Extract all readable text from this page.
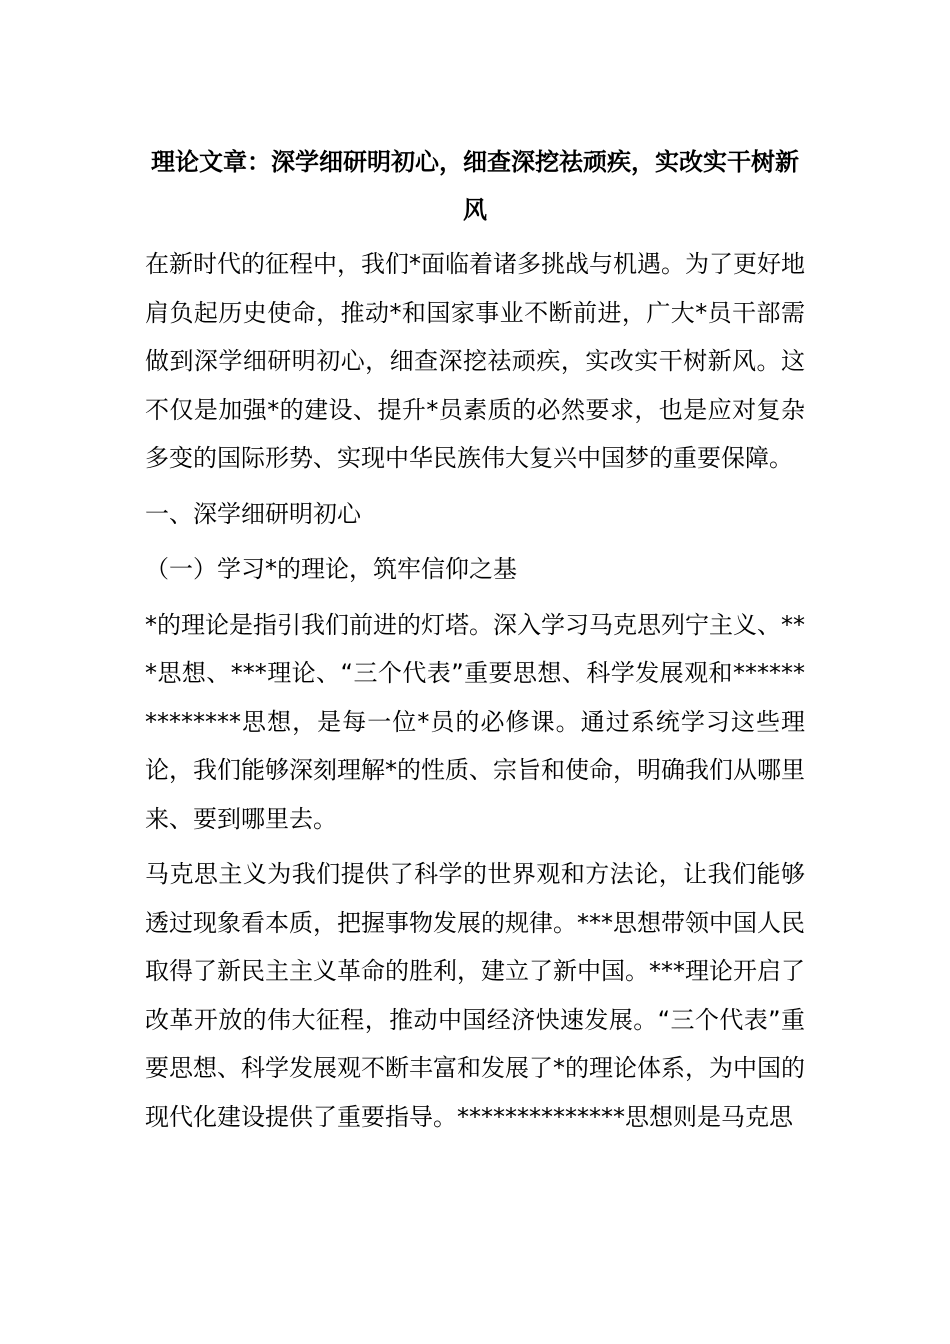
理论文章：深学细研明初心，细查深挖祛顽疾，实改实干树新风

在新时代的征程中，我们*面临着诸多挑战与机遇。为了更好地肩负起历史使命，推动*和国家事业不断前进，广大*员干部需做到深学细研明初心，细查深挖祛顽疾，实改实干树新风。这不仅是加强*的建设、提升*员素质的必然要求，也是应对复杂多变的国际形势、实现中华民族伟大复兴中国梦的重要保障。

一、深学细研明初心

（一）学习*的理论，筑牢信仰之基

*的理论是指引我们前进的灯塔。深入学习马克思列宁主义、***思想、***理论、“三个代表”重要思想、科学发展观和**************思想，是每一位*员的必修课。通过系统学习这些理论，我们能够深刻理解*的性质、宗旨和使命，明确我们从哪里来、要到哪里去。

马克思主义为我们提供了科学的世界观和方法论，让我们能够透过现象看本质，把握事物发展的规律。***思想带领中国人民取得了新民主主义革命的胜利，建立了新中国。***理论开启了改革开放的伟大征程，推动中国经济快速发展。“三个代表”重要思想、科学发展观不断丰富和发展了*的理论体系，为中国的现代化建设提供了重要指导。**************思想则是马克思
